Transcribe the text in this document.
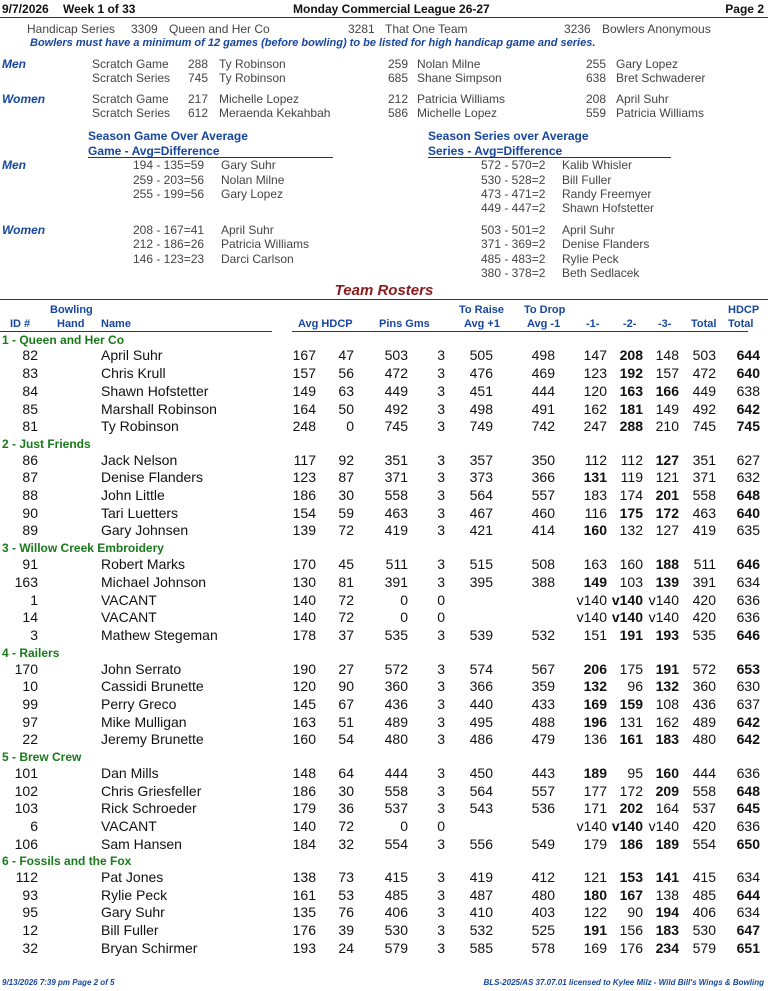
9/7/2026 Week 1 of 33	Monday Commercial League 26-27	Page 2
Handicap Series 3309 Queen and Her Co	3281 That One Team	3236 Bowlers Anonymous
Bowlers must have a minimum of 12 games (before bowling) to be listed for high handicap game and series.
Men	Scratch Game 288 Ty Robinson	259 Nolan Milne	255 Gary Lopez
Scratch Series 745 Ty Robinson	685 Shane Simpson	638 Bret Schwaderer
Women	Scratch Game 217 Michelle Lopez	212 Patricia Williams	208 April Suhr
Scratch Series 612 Meraenda Kekahbah	586 Michelle Lopez	559 Patricia Williams
Season Game Over Average
Game - Avg=Difference
Season Series over Average
Series - Avg=Difference
Men	194 - 135=59 Gary Suhr
259 - 203=56 Nolan Milne
255 - 199=56 Gary Lopez
572 - 570=2 Kalib Whisler
530 - 528=2 Bill Fuller
473 - 471=2 Randy Freemyer
449 - 447=2 Shawn Hofstetter
Women	208 - 167=41 April Suhr
212 - 186=26 Patricia Williams
146 - 123=23 Darci Carlson
503 - 501=2 April Suhr
371 - 369=2 Denise Flanders
485 - 483=2 Rylie Peck
380 - 378=2 Beth Sedlacek
Team Rosters
ID #
Bowling
Hand Name	Avg HDCP Pins Gms
To Raise
Avg +1
To Drop
Avg -1 -1- -2- -3- Total
HDCP
Total
1 - Queen and Her Co
82	April Suhr	167 47 503 3 505	498 147 208 148 503 644
83	Chris Krull	157 56 472 3 476	469 123 192 157 472 640
84	Shawn Hofstetter	149 63 449 3 451	444 120 163 166 449 638
85	Marshall Robinson	164 50 492 3 498	491 162 181 149 492 642
81	Ty Robinson	248 0 745 3 749	742 247 288 210 745 745
2 - Just Friends
86	Jack Nelson	117 92 351 3 357	350 112 112 127 351 627
87	Denise Flanders	123 87 371 3 373	366 131 119 121 371 632
88	John Little	186 30 558 3 564	557 183 174 201 558 648
90	Tari Luetters	154 59 463 3 467	460 116 175 172 463 640
89	Gary Johnsen	139 72 419 3 421	414 160 132 127 419 635
3 - Willow Creek Embroidery
91	Robert Marks	170 45 511 3 515	508 163 160 188 511 646
163	Michael Johnson	130 81 391 3 395	388 149 103 139 391 634
1	VACANT	140 72	0 0	v140 v140 v140 420 636
14	VACANT	140 72	0 0	v140 v140 v140 420 636
3	Mathew Stegeman	178 37 535 3 539	532 151 191 193 535 646
4 - Railers
170	John Serrato	190 27 572 3 574	567 206 175 191 572 653
10	Cassidi Brunette	120 90 360 3 366	359 132 96 132 360 630
99	Perry Greco	145 67 436 3 440	433 169 159 108 436 637
97	Mike Mulligan	163 51 489 3 495	488 196 131 162 489 642
22	Jeremy Brunette	160 54 480 3 486	479 136 161 183 480 642
5 - Brew Crew
101	Dan Mills	148 64 444 3 450	443 189 95 160 444 636
102	Chris Griesfeller	186 30 558 3 564	557 177 172 209 558 648
103	Rick Schroeder	179 36 537 3 543	536 171 202 164 537 645
6	VACANT	140 72	0 0	v140 v140 v140 420 636
106	Sam Hansen	184 32 554 3 556	549 179 186 189 554 650
6 - Fossils and the Fox
112	Pat Jones	138 73 415 3 419	412 121 153 141 415 634
93	Rylie Peck	161 53 485 3 487	480 180 167 138 485 644
95	Gary Suhr	135 76 406 3 410	403 122 90 194 406 634
12	Bill Fuller	176 39 530 3 532	525 191 156 183 530 647
32	Bryan Schirmer	193 24 579 3 585	578 169 176 234 579 651
9/13/2026 7:39 pm Page 2 of 5	BLS-2025/AS 37.07.01 licensed to Kylee Milz - Wild Bill's Wings & Bowling
